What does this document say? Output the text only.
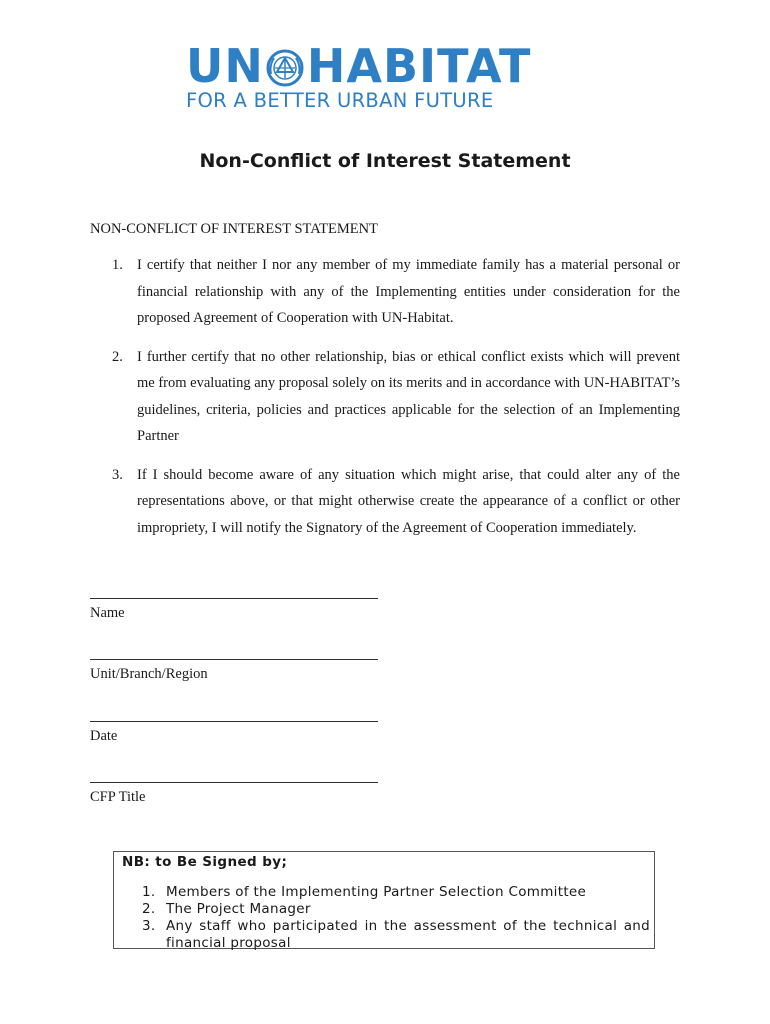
UN HABITAT
FOR A BETTER URBAN FUTURE
Non-Conflict of Interest Statement
NON-CONFLICT OF INTEREST STATEMENT
1. I certify that neither I nor any member of my immediate family has a material personal or financial relationship with any of the Implementing entities under consideration for the proposed Agreement of Cooperation with UN-Habitat.
2. I further certify that no other relationship, bias or ethical conflict exists which will prevent me from evaluating any proposal solely on its merits and in accordance with UN-HABITAT’s guidelines, criteria, policies and practices applicable for the selection of an Implementing Partner
3. If I should become aware of any situation which might arise, that could alter any of the representations above, or that might otherwise create the appearance of a conflict or other impropriety, I will notify the Signatory of the Agreement of Cooperation immediately.
Name
Unit/Branch/Region
Date
CFP Title
NB: to Be Signed by;
1. Members of the Implementing Partner Selection Committee
2. The Project Manager
3. Any staff who participated in the assessment of the technical and financial proposal
